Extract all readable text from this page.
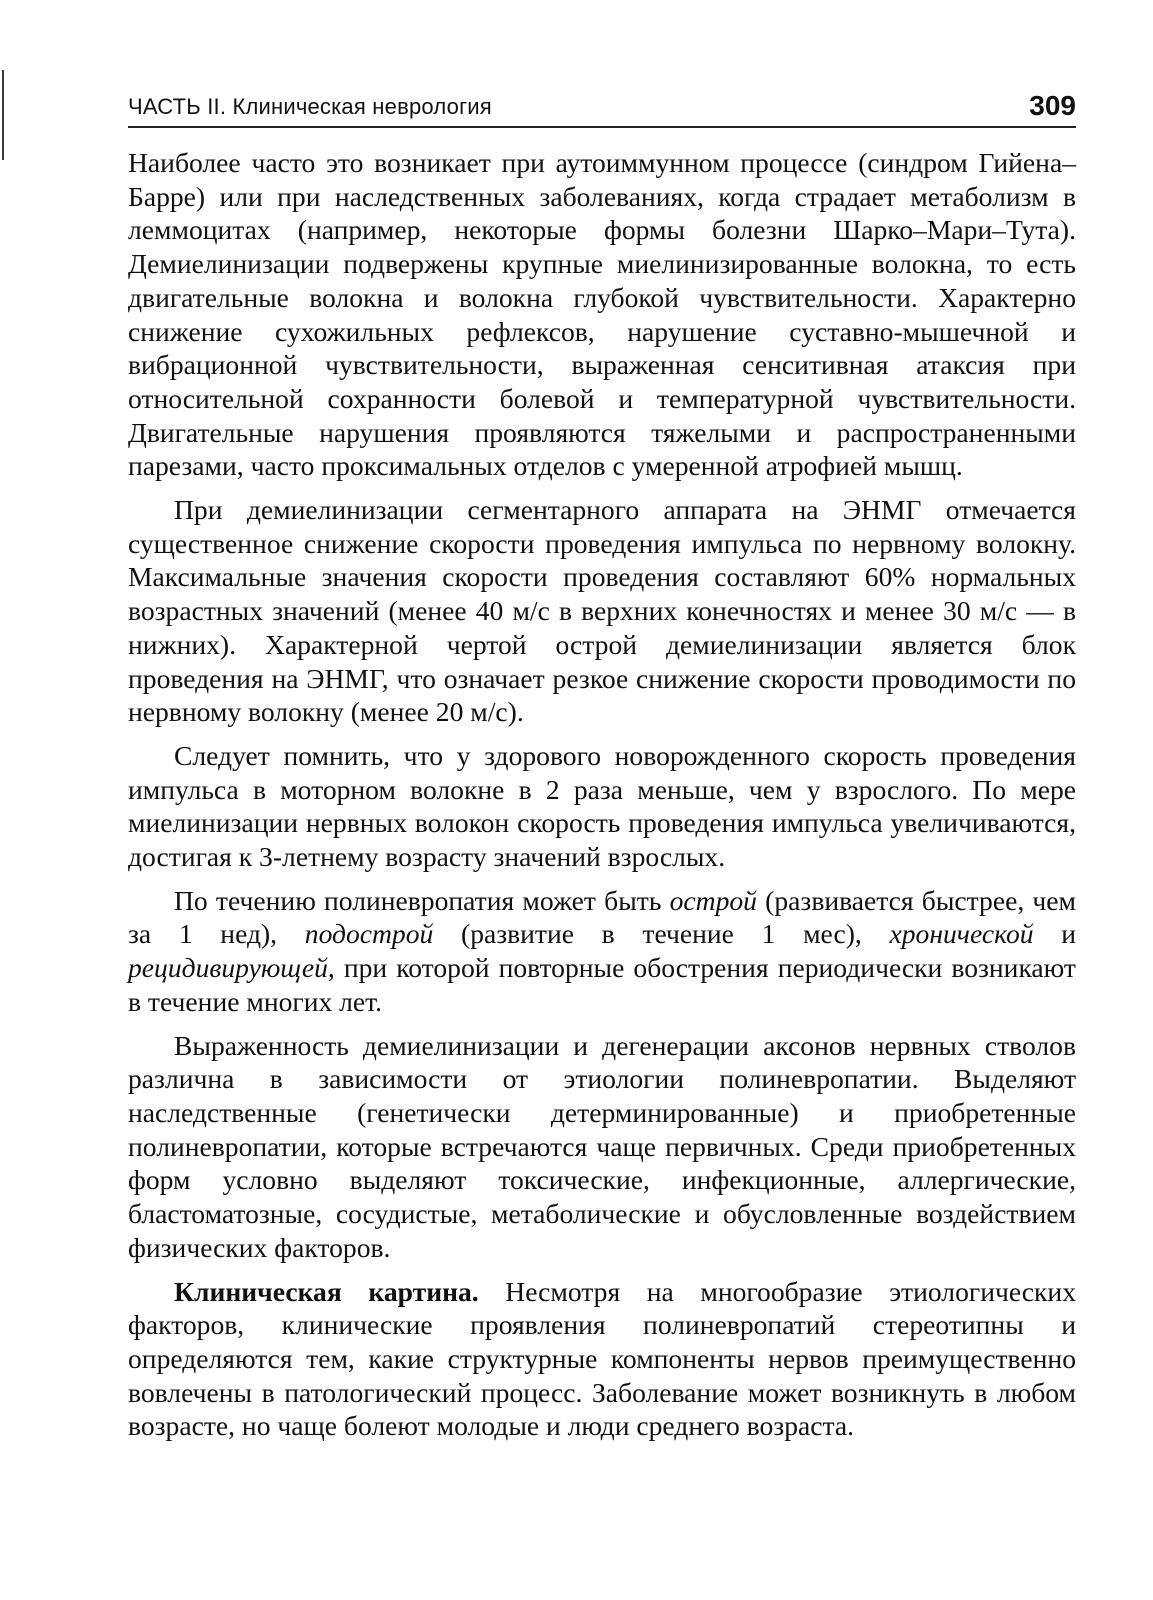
ЧАСТЬ II. Клиническая неврология	309

Наиболее часто это возникает при аутоиммунном процессе (синдром Гийена–Барре) или при наследственных заболеваниях, когда страдает метаболизм в леммоцитах (например, некоторые формы болезни Шарко–Мари–Тута). Демиелинизации подвержены крупные миелинизированные волокна, то есть двигательные волокна и волокна глубокой чувствительности. Характерно снижение сухожильных рефлексов, нарушение суставно-мышечной и вибрационной чувствительности, выраженная сенситивная атаксия при относительной сохранности болевой и температурной чувствительности. Двигательные нарушения проявляются тяжелыми и распространенными парезами, часто проксимальных отделов с умеренной атрофией мышц.

При демиелинизации сегментарного аппарата на ЭНМГ отмечается существенное снижение скорости проведения импульса по нервному волокну. Максимальные значения скорости проведения составляют 60% нормальных возрастных значений (менее 40 м/с в верхних конечностях и менее 30 м/с — в нижних). Характерной чертой острой демиелинизации является блок проведения на ЭНМГ, что означает резкое снижение скорости проводимости по нервному волокну (менее 20 м/с).

Следует помнить, что у здорового новорожденного скорость проведения импульса в моторном волокне в 2 раза меньше, чем у взрослого. По мере миелинизации нервных волокон скорость проведения импульса увеличиваются, достигая к 3-летнему возрасту значений взрослых.

По течению полиневропатия может быть острой (развивается быстрее, чем за 1 нед), подострой (развитие в течение 1 мес), хронической и рецидивирующей, при которой повторные обострения периодически возникают в течение многих лет.

Выраженность демиелинизации и дегенерации аксонов нервных стволов различна в зависимости от этиологии полиневропатии. Выделяют наследственные (генетически детерминированные) и приобретенные полиневропатии, которые встречаются чаще первичных. Среди приобретенных форм условно выделяют токсические, инфекционные, аллергические, бластоматозные, сосудистые, метаболические и обусловленные воздействием физических факторов.

Клиническая картина. Несмотря на многообразие этиологических факторов, клинические проявления полиневропатий стереотипны и определяются тем, какие структурные компоненты нервов преимущественно вовлечены в патологический процесс. Заболевание может возникнуть в любом возрасте, но чаще болеют молодые и люди среднего возраста.
